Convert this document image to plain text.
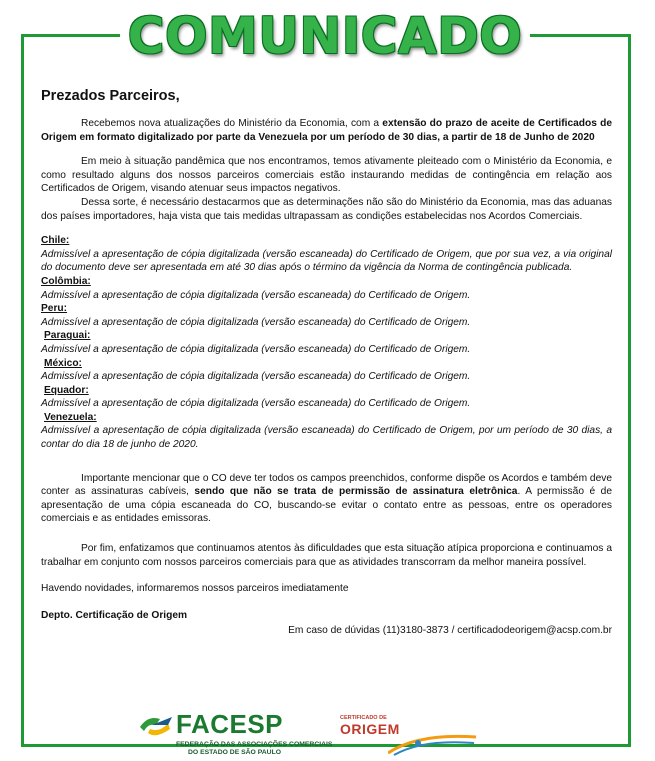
COMUNICADO
Prezados Parceiros,

Recebemos nova atualizações do Ministério da Economia, com a extensão do prazo de aceite de Certificados de Origem em formato digitalizado por parte da Venezuela por um período de 30 dias, a partir de 18 de Junho de 2020

Em meio à situação pandêmica que nos encontramos, temos ativamente pleiteado com o Ministério da Economia, e como resultado alguns dos nossos parceiros comerciais estão instaurando medidas de contingência em relação aos Certificados de Origem, visando atenuar seus impactos negativos.

Dessa sorte, é necessário destacarmos que as determinações não são do Ministério da Economia, mas das aduanas dos países importadores, haja vista que tais medidas ultrapassam as condições estabelecidas nos Acordos Comerciais.

Chile:
Admissível a apresentação de cópia digitalizada (versão escaneada) do Certificado de Origem, que por sua vez, a via original do documento deve ser apresentada em até 30 dias após o término da vigência da Norma de contingência publicada.
Colômbia:
Admissível a apresentação de cópia digitalizada (versão escaneada) do Certificado de Origem.
Peru:
Admissível a apresentação de cópia digitalizada (versão escaneada) do Certificado de Origem.
Paraguai:
Admissível a apresentação de cópia digitalizada (versão escaneada) do Certificado de Origem.
México:
Admissível a apresentação de cópia digitalizada (versão escaneada) do Certificado de Origem.
Equador:
Admissível a apresentação de cópia digitalizada (versão escaneada) do Certificado de Origem.
Venezuela:
Admissível a apresentação de cópia digitalizada (versão escaneada) do Certificado de Origem, por um período de 30 dias, a contar do dia 18 de junho de 2020.

Importante mencionar que o CO deve ter todos os campos preenchidos, conforme dispõe os Acordos e também deve conter as assinaturas cabíveis, sendo que não se trata de permissão de assinatura eletrônica. A permissão é de apresentação de uma cópia escaneada do CO, buscando-se evitar o contato entre as pessoas, entre os operadores comerciais e as entidades emissoras.

Por fim, enfatizamos que continuamos atentos às dificuldades que esta situação atípica proporciona e continuamos a trabalhar em conjunto com nossos parceiros comerciais para que as atividades transcorram da melhor maneira possível.

Havendo novidades, informaremos nossos parceiros imediatamente

Depto. Certificação de Origem

Em caso de dúvidas (11)3180-3873 / certificadodeorigem@acsp.com.br

FACESP
FEDERAÇÃO DAS ASSOCIAÇÕES COMERCIAIS
DO ESTADO DE SÃO PAULO
CERTIFICADO DE
ORIGEM
